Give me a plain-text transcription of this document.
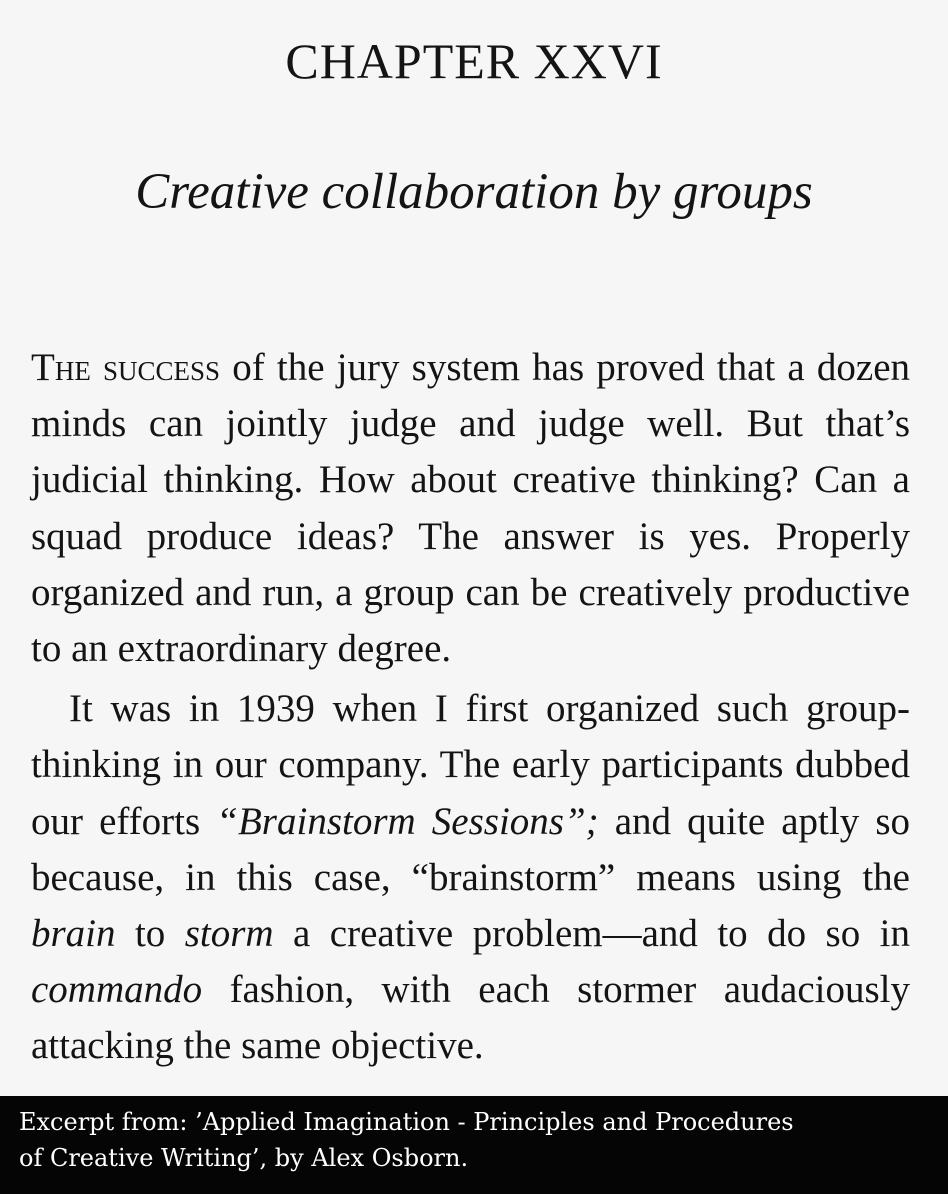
CHAPTER XXVI
Creative collaboration by groups

The success of the jury system has proved that a dozen minds can jointly judge and judge well. But that’s judicial thinking. How about creative thinking? Can a squad produce ideas? The answer is yes. Properly organized and run, a group can be creatively productive to an extraordinary degree.

It was in 1939 when I first organized such groupthinking in our company. The early participants dubbed our efforts “Brainstorm Sessions”; and quite aptly so because, in this case, “brainstorm” means using the brain to storm a creative problem—and to do so in commando fashion, with each stormer audaciously attacking the same objective.

Excerpt from: ’Applied Imagination - Principles and Procedures
of Creative Writing’, by Alex Osborn.
